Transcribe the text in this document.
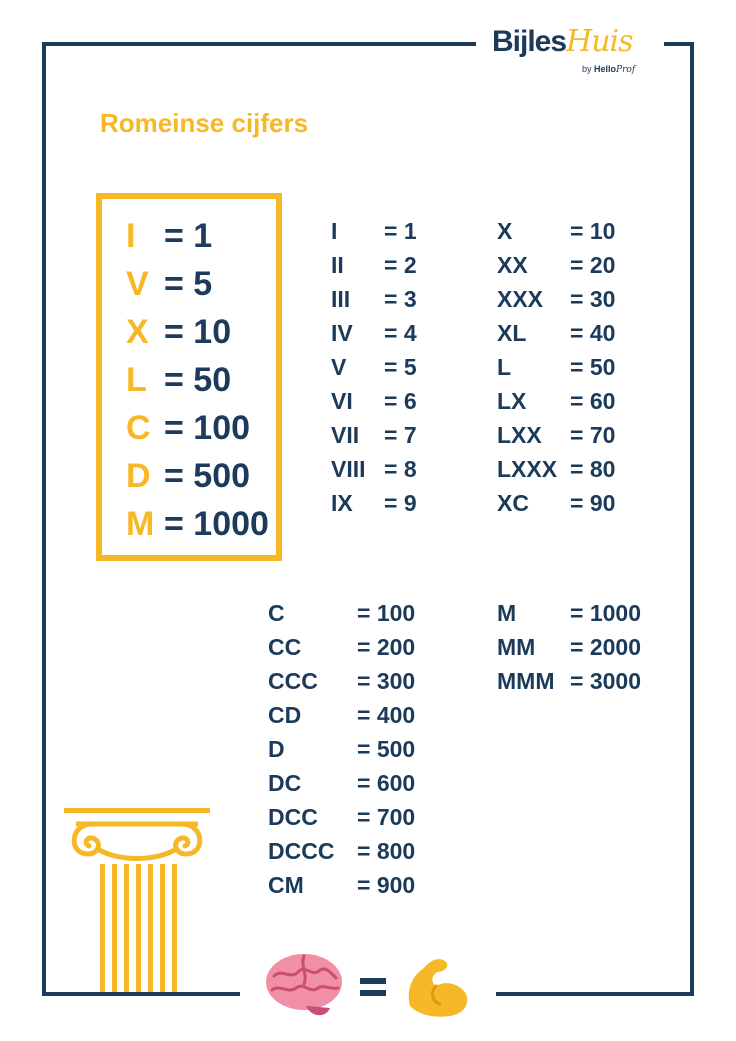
BijlesHuis
by HelloProf
Romeinse cijfers
I = 1
V = 5
X = 10
L = 50
C = 100
D = 500
M = 1000
I = 1
II = 2
III = 3
IV = 4
V = 5
VI = 6
VII = 7
VIII = 8
IX = 9
X	= 10
XX = 20
XXX = 30
XL = 40
L	= 50
LX = 60
LXX = 70
LXXX = 80
XC = 90
C	= 100
CC = 200
CCC = 300
CD = 400
D	= 500
DC = 600
DCC = 700
DCCC = 800
CM = 900
M = 1000
MM = 2000
MMM = 3000
